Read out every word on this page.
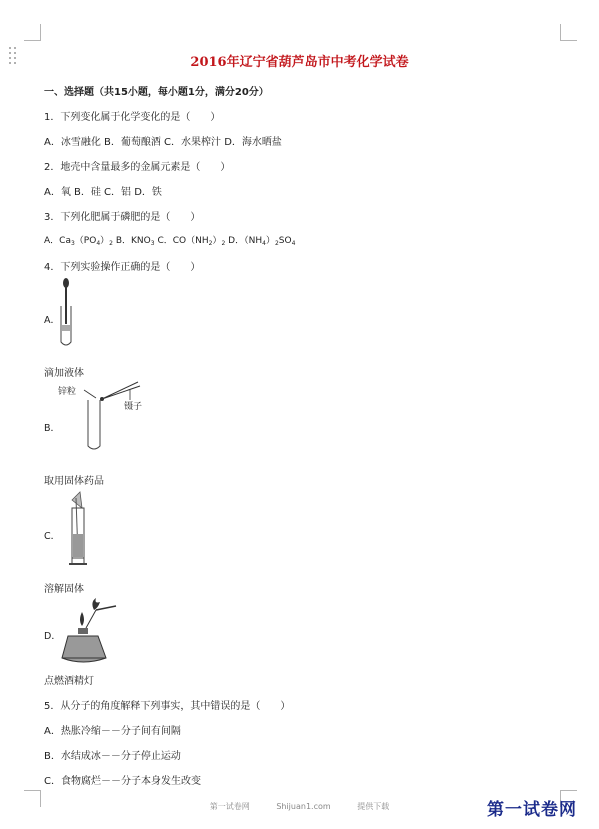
2016年辽宁省葫芦岛市中考化学试卷
一、选择题（共15小题，每小题1分，满分20分）
1．下列变化属于化学变化的是（　　）
A．冰雪融化 B．葡萄酿酒 C．水果榨汁 D．海水晒盐
2．地壳中含量最多的金属元素是（　　）
A．氧 B．硅 C．铝 D．铁
3．下列化肥属于磷肥的是（　　）
A．$Ca_3(PO_4)_2$ B．$KNO_3$ C．$CO(NH_2)_2$ D．$(NH_4)_2SO_4$
4．下列实验操作正确的是（　　）
A．
滴加液体
锌粒
镊子
B．
取用固体药品
C．
溶解固体
D．
点燃酒精灯
5．从分子的角度解释下列事实，其中错误的是（　　）
A．热胀冷缩－－分子间有间隔
B．水结成冰－－分子停止运动
C．食物腐烂－－分子本身发生改变
第一试卷网	Shijuan1.com	提供下载	第一试卷网
